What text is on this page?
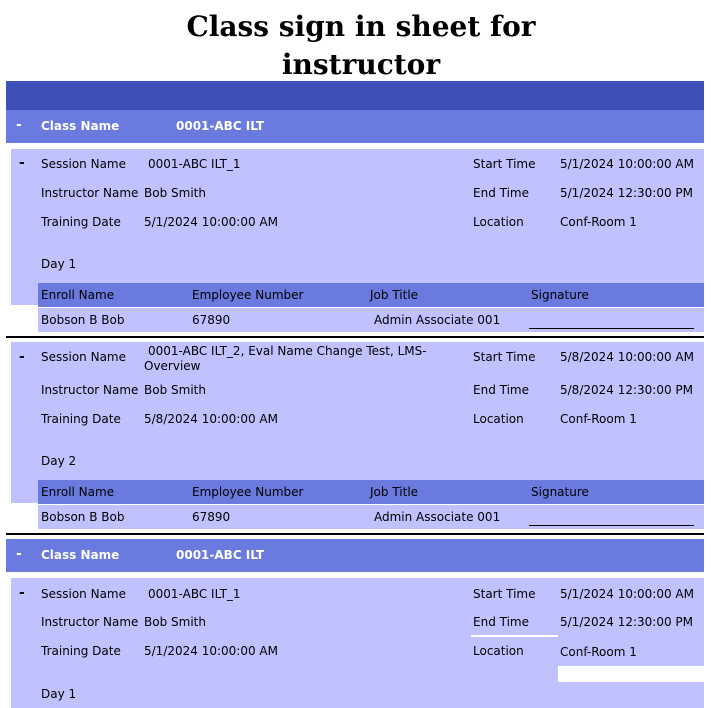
Class sign in sheet for
instructor
- Class Name	0001-ABC ILT
- Session Name 0001-ABC ILT_1
Instructor Name Bob Smith
Training Date 5/1/2024 10:00:00 AM
Start Time 5/1/2024 10:00:00 AM
End Time	5/1/2024 12:30:00 PM
Location	Conf-Room 1
Day 1
Enroll Name	Employee Number	Job Title	Signature
Bobson B Bob	67890	Admin Associate 001
- Session Name 0001-ABC ILT_2, Eval Name Change Test, LMS-
Overview
Instructor Name Bob Smith
Training Date 5/8/2024 10:00:00 AM
Start Time 5/8/2024 10:00:00 AM
End Time	5/8/2024 12:30:00 PM
Location	Conf-Room 1
Day 2
Enroll Name	Employee Number	Job Title	Signature
Bobson B Bob	67890	Admin Associate 001
- Class Name	0001-ABC ILT
- Session Name 0001-ABC ILT_1
Instructor Name Bob Smith
Training Date 5/1/2024 10:00:00 AM
Start Time 5/1/2024 10:00:00 AM
End Time	5/1/2024 12:30:00 PM
Location	Conf-Room 1
Day 1
